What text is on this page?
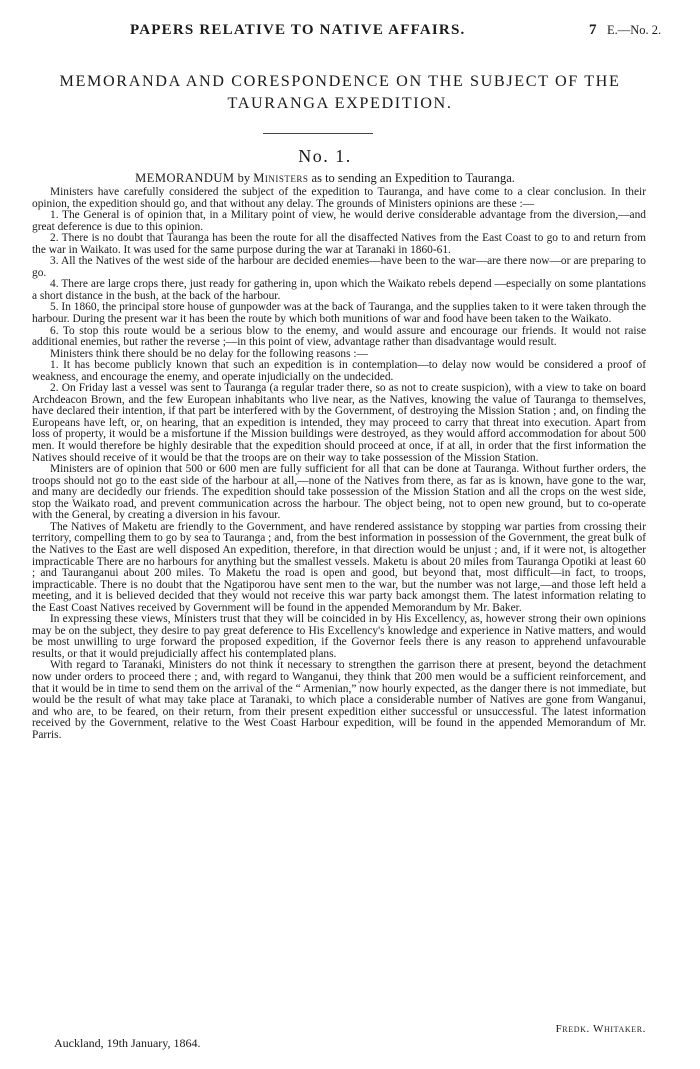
PAPERS RELATIVE TO NATIVE AFFAIRS.	7 E.—No. 2.
MEMORANDA AND CORESPONDENCE ON THE SUBJECT OF THE
TAURANGA EXPEDITION.
No. 1.
MEMORANDUM by Ministers as to sending an Expedition to Tauranga.

Ministers have carefully considered the subject of the expedition to Tauranga, and have come to a clear conclusion. In their opinion, the expedition should go, and that without any delay. The grounds of Ministers opinions are these :—

1. The General is of opinion that, in a Military point of view, he would derive considerable advantage from the diversion,—and great deference is due to this opinion.

2. There is no doubt that Tauranga has been the route for all the disaffected Natives from the East Coast to go to and return from the war in Waikato. It was used for the same purpose during the war at Taranaki in 1860-61.

3. All the Natives of the west side of the harbour are decided enemies—have been to the war—are there now—or are preparing to go.

4. There are large crops there, just ready for gathering in, upon which the Waikato rebels depend —especially on some plantations a short distance in the bush, at the back of the harbour.

5. In 1860, the principal store house of gunpowder was at the back of Tauranga, and the supplies taken to it were taken through the harbour. During the present war it has been the route by which both munitions of war and food have been taken to the Waikato.

6. To stop this route would be a serious blow to the enemy, and would assure and encourage our friends. It would not raise additional enemies, but rather the reverse ;—in this point of view, advantage rather than disadvantage would result.

Ministers think there should be no delay for the following reasons :—

1. It has become publicly known that such an expedition is in contemplation—to delay now would be considered a proof of weakness, and encourage the enemy, and operate injudicially on the undecided.

2. On Friday last a vessel was sent to Tauranga (a regular trader there, so as not to create suspicion), with a view to take on board Archdeacon Brown, and the few European inhabitants who live near, as the Natives, knowing the value of Tauranga to themselves, have declared their intention, if that part be interfered with by the Government, of destroying the Mission Station ; and, on finding the Europeans have left, or, on hearing, that an expedition is intended, they may proceed to carry that threat into execution. Apart from loss of property, it would be a misfortune if the Mission buildings were destroyed, as they would afford accommodation for about 500 men. It would therefore be highly desirable that the expedition should proceed at once, if at all, in order that the first information the Natives should receive of it would be that the troops are on their way to take possession of the Mission Station.

Ministers are of opinion that 500 or 600 men are fully sufficient for all that can be done at Tauranga. Without further orders, the troops should not go to the east side of the harbour at all,—none of the Natives from there, as far as is known, have gone to the war, and many are decidedly our friends. The expedition should take possession of the Mission Station and all the crops on the west side, stop the Waikato road, and prevent communication across the harbour. The object being, not to open new ground, but to co-operate with the General, by creating a diversion in his favour.

The Natives of Maketu are friendly to the Government, and have rendered assistance by stopping war parties from crossing their territory, compelling them to go by sea to Tauranga ; and, from the best information in possession of the Government, the great bulk of the Natives to the East are well disposed An expedition, therefore, in that direction would be unjust ; and, if it were not, is altogether impracticable There are no harbours for anything but the smallest vessels. Maketu is about 20 miles from Tauranga Opotiki at least 60 ; and Tauranganui about 200 miles. To Maketu the road is open and good, but beyond that, most difficult—in fact, to troops, impracticable. There is no doubt that the Ngatiporou have sent men to the war, but the number was not large,—and those left held a meeting, and it is believed decided that they would not receive this war party back amongst them. The latest information relating to the East Coast Natives received by Government will be found in the appended Memorandum by Mr. Baker.

In expressing these views, Ministers trust that they will be coincided in by His Excellency, as, however strong their own opinions may be on the subject, they desire to pay great deference to His Excellency's knowledge and experience in Native matters, and would be most unwilling to urge forward the proposed expedition, if the Governor feels there is any reason to apprehend unfavourable results, or that it would prejudicially affect his contemplated plans.

With regard to Taranaki, Ministers do not think it necessary to strengthen the garrison there at present, beyond the detachment now under orders to proceed there ; and, with regard to Wanganui, they think that 200 men would be a sufficient reinforcement, and that it would be in time to send them on the arrival of the “ Armenian,” now hourly expected, as the danger there is not immediate, but would be the result of what may take place at Taranaki, to which place a considerable number of Natives are gone from Wanganui, and who are, to be feared, on their return, from their present expedition either successful or unsuccessful. The latest information received by the Government, relative to the West Coast Harbour expedition, will be found in the appended Memorandum of Mr. Parris.

Fredk. Whitaker.
Auckland, 19th January, 1864.
